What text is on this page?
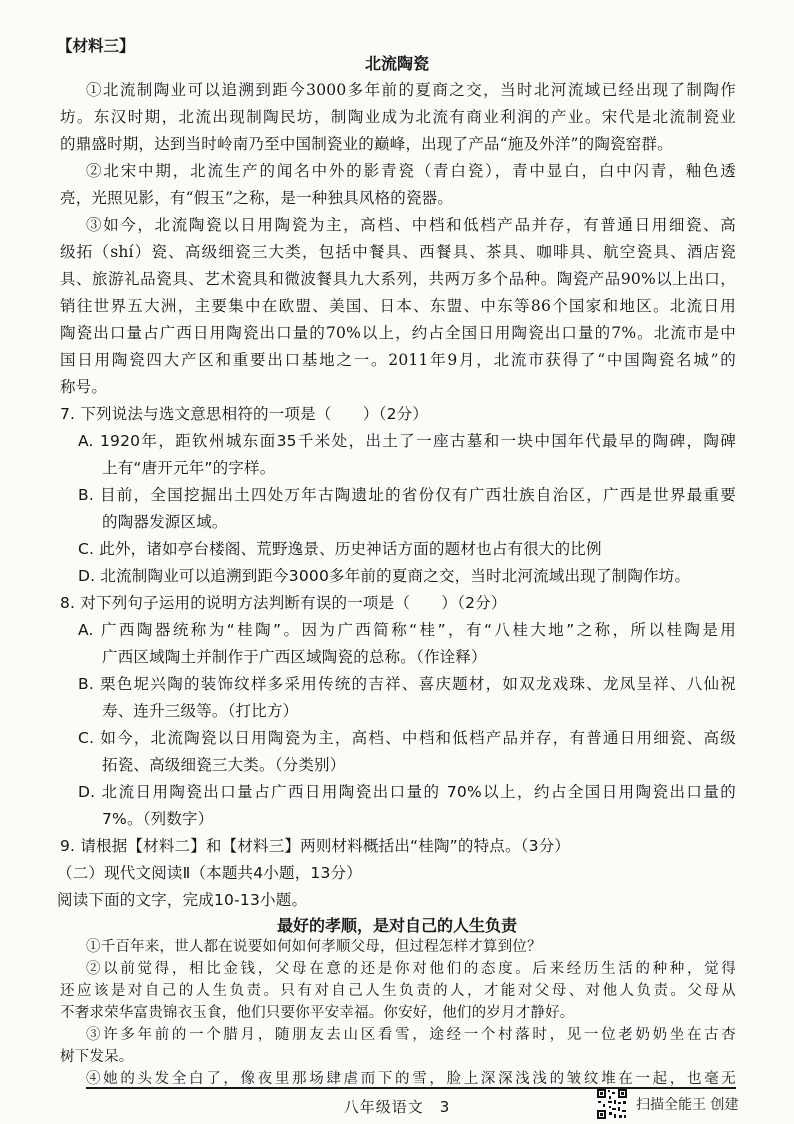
【材料三】
北流陶瓷
①北流制陶业可以追溯到距今3000多年前的夏商之交，当时北河流域已经出现了制陶作
坊。东汉时期，北流出现制陶民坊，制陶业成为北流有商业利润的产业。宋代是北流制瓷业
的鼎盛时期，达到当时岭南乃至中国制瓷业的巅峰，出现了产品“施及外洋”的陶瓷窑群。
②北宋中期，北流生产的闻名中外的影青瓷（青白瓷），青中显白，白中闪青，釉色透
亮，光照见影，有“假玉”之称，是一种独具风格的瓷器。
③如今，北流陶瓷以日用陶瓷为主，高档、中档和低档产品并存，有普通日用细瓷、高
级拓（shí）瓷、高级细瓷三大类，包括中餐具、西餐具、茶具、咖啡具、航空瓷具、酒店瓷
具、旅游礼品瓷具、艺术瓷具和微波餐具九大系列，共两万多个品种。陶瓷产品90%以上出口，
销往世界五大洲，主要集中在欧盟、美国、日本、东盟、中东等86个国家和地区。北流日用
陶瓷出口量占广西日用陶瓷出口量的70%以上，约占全国日用陶瓷出口量的7%。北流市是中
国日用陶瓷四大产区和重要出口基地之一。2011年9月，北流市获得了“中国陶瓷名城”的
称号。
7. 下列说法与选文意思相符的一项是（　　）（2分）
A. 1920年，距钦州城东面35千米处，出土了一座古墓和一块中国年代最早的陶碑，陶碑
上有“唐开元年”的字样。
B. 目前，全国挖掘出土四处万年古陶遗址的省份仅有广西壮族自治区，广西是世界最重要
的陶器发源区域。
C. 此外，诸如亭台楼阁、荒野逸景、历史神话方面的题材也占有很大的比例
D. 北流制陶业可以追溯到距今3000多年前的夏商之交，当时北河流域出现了制陶作坊。
8. 对下列句子运用的说明方法判断有误的一项是（　　）（2分）
A. 广西陶器统称为“桂陶”。因为广西简称“桂”，有“八桂大地”之称，所以桂陶是用
广西区域陶土并制作于广西区域陶瓷的总称。（作诠释）
B. 栗色坭兴陶的装饰纹样多采用传统的吉祥、喜庆题材，如双龙戏珠、龙凤呈祥、八仙祝
寿、连升三级等。（打比方）
C. 如今，北流陶瓷以日用陶瓷为主，高档、中档和低档产品并存，有普通日用细瓷、高级
拓瓷、高级细瓷三大类。（分类别）
D. 北流日用陶瓷出口量占广西日用陶瓷出口量的 70%以上，约占全国日用陶瓷出口量的
7%。（列数字）
9. 请根据【材料二】和【材料三】两则材料概括出“桂陶”的特点。（3分）
（二）现代文阅读Ⅱ（本题共4小题，13分）
阅读下面的文字，完成10-13小题。
最好的孝顺，是对自己的人生负责
①千百年来，世人都在说要如何如何孝顺父母，但过程怎样才算到位？
②以前觉得，相比金钱，父母在意的还是你对他们的态度。后来经历生活的种种，觉得
还应该是对自己的人生负责。只有对自己人生负责的人，才能对父母、对他人负责。父母从
不奢求荣华富贵锦衣玉食，他们只要你平安幸福。你安好，他们的岁月才静好。
八年级语文　3	扫描全能王 创建
③许多年前的一个腊月，随朋友去山区看雪，途经一个村落时，见一位老奶奶坐在古杏
树下发呆。
④她的头发全白了，像夜里那场肆虐而下的雪，脸上深深浅浅的皱纹堆在一起，也毫无
